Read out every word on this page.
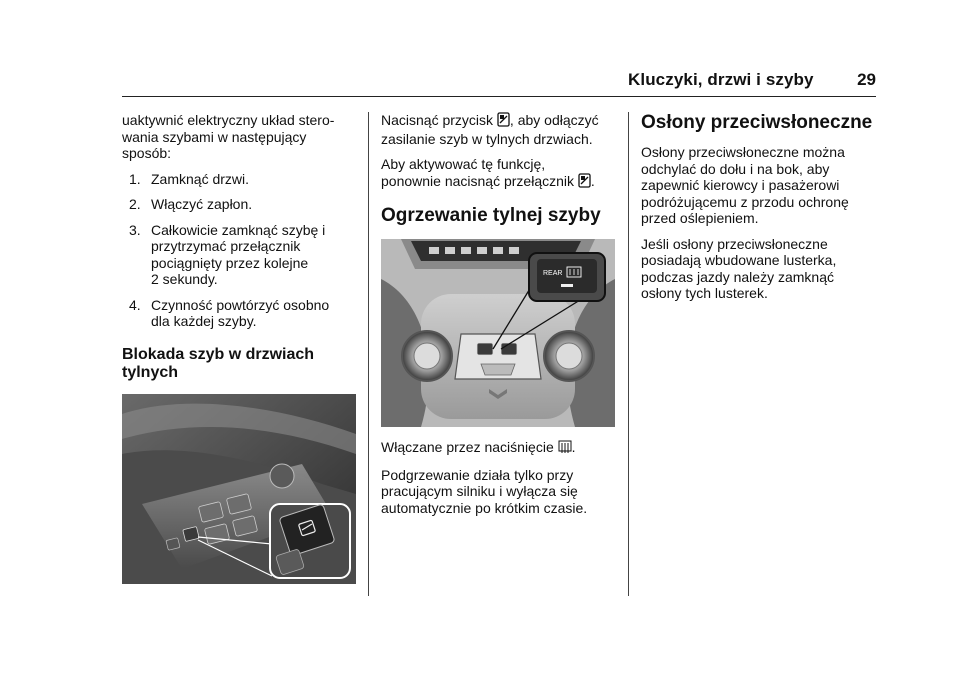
Kluczyki, drzwi i szyby	29

uaktywnić elektryczny układ stero-
wania szybami w następujący
sposób:

1. Zamknąć drzwi.
2. Włączyć zapłon.
3. Całkowicie zamknąć szybę i
przytrzymać przełącznik
pociągnięty przez kolejne
2 sekundy.
4. Czynność powtórzyć osobno
dla każdej szyby.
Blokada szyb w drzwiach tylnych

Nacisnąć przycisk , aby odłączyć
zasilanie szyb w tylnych drzwiach.

Aby aktywować tę funkcję,
ponownie nacisnąć przełącznik .

Ogrzewanie tylnej szyby
REAR

Włączane przez naciśnięcie .

Podgrzewanie działa tylko przy
pracującym silniku i wyłącza się
automatycznie po krótkim czasie.

Osłony przeciwsłoneczne

Osłony przeciwsłoneczne można
odchylać do dołu i na bok, aby
zapewnić kierowcy i pasażerowi
podróżującemu z przodu ochronę
przed oślepieniem.

Jeśli osłony przeciwsłoneczne
posiadają wbudowane lusterka,
podczas jazdy należy zamknąć
osłony tych lusterek.
